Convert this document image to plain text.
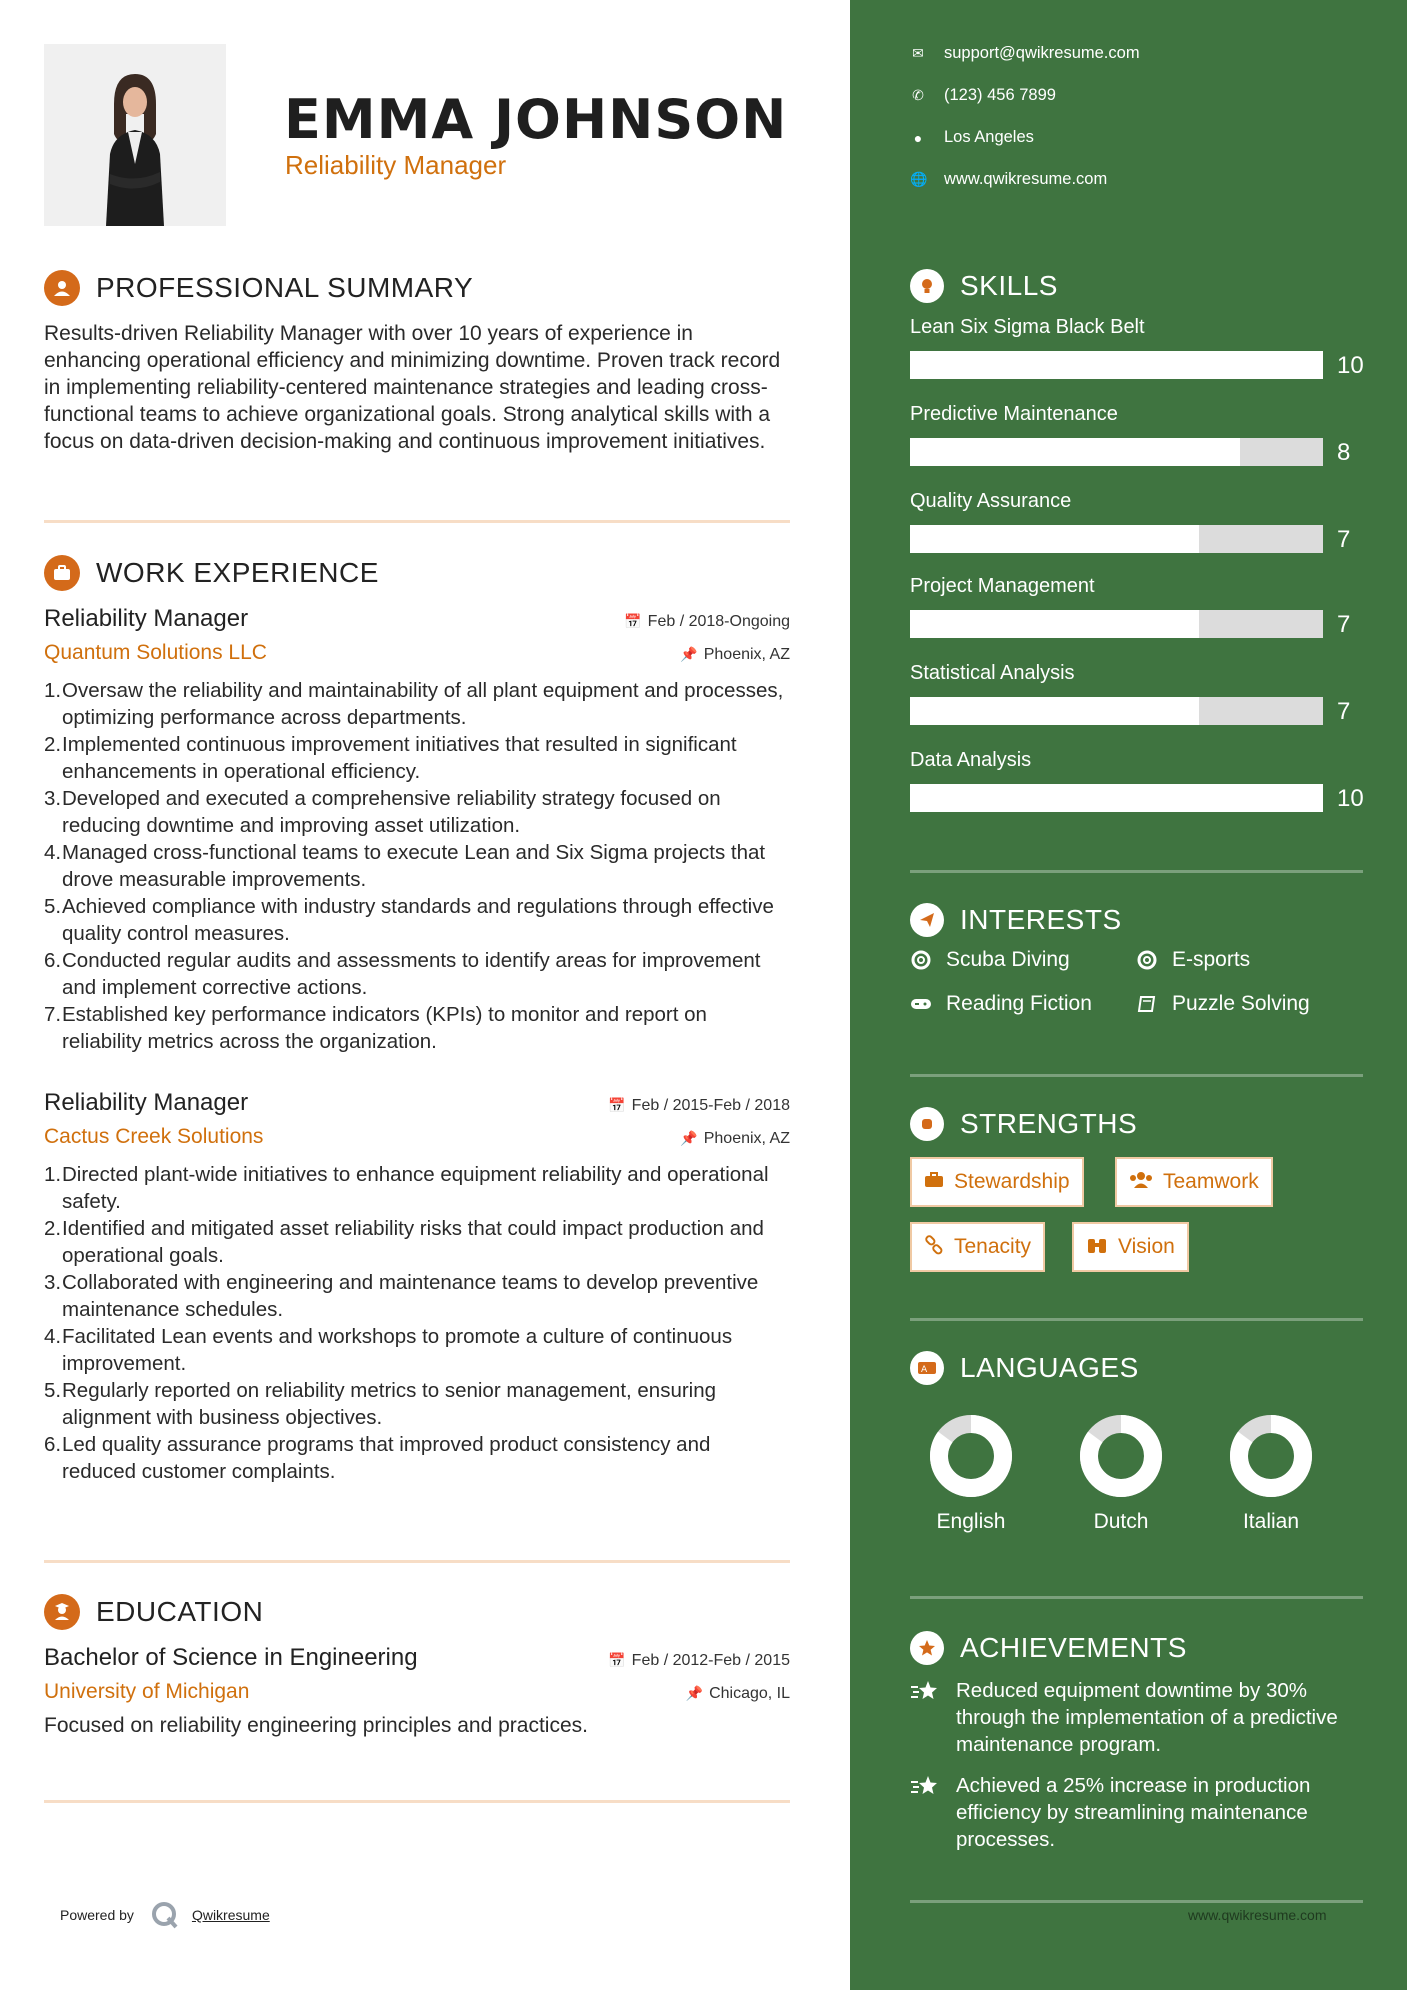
EMMA JOHNSON
Reliability Manager
PROFESSIONAL SUMMARY
Results-driven Reliability Manager with over 10 years of experience in enhancing operational efficiency and minimizing downtime. Proven track record in implementing reliability-centered maintenance strategies and leading cross-functional teams to achieve organizational goals. Strong analytical skills with a focus on data-driven decision-making and continuous improvement initiatives.
WORK EXPERIENCE
Reliability Manager	📅 Feb / 2018-Ongoing
Quantum Solutions LLC	📌 Phoenix, AZ
1. Oversaw the reliability and maintainability of all plant equipment and processes, optimizing performance across departments.
2. Implemented continuous improvement initiatives that resulted in significant enhancements in operational efficiency.
3. Developed and executed a comprehensive reliability strategy focused on reducing downtime and improving asset utilization.
4. Managed cross-functional teams to execute Lean and Six Sigma projects that drove measurable improvements.
5. Achieved compliance with industry standards and regulations through effective quality control measures.
6. Conducted regular audits and assessments to identify areas for improvement and implement corrective actions.
7. Established key performance indicators (KPIs) to monitor and report on reliability metrics across the organization.
Reliability Manager	📅 Feb / 2015-Feb / 2018
Cactus Creek Solutions	📌 Phoenix, AZ
1. Directed plant-wide initiatives to enhance equipment reliability and operational safety.
2. Identified and mitigated asset reliability risks that could impact production and operational goals.
3. Collaborated with engineering and maintenance teams to develop preventive maintenance schedules.
4. Facilitated Lean events and workshops to promote a culture of continuous improvement.
5. Regularly reported on reliability metrics to senior management, ensuring alignment with business objectives.
6. Led quality assurance programs that improved product consistency and reduced customer complaints.
EDUCATION
Bachelor of Science in Engineering	📅 Feb / 2012-Feb / 2015
University of Michigan	📌 Chicago, IL
Focused on reliability engineering principles and practices.
Powered by	Qwikresume
✉ support@qwikresume.com
✆ (123) 456 7899
● Los Angeles
🌐 www.qwikresume.com
SKILLS
Lean Six Sigma Black Belt
10
Predictive Maintenance
8
Quality Assurance
7
Project Management
7
Statistical Analysis
7
Data Analysis
10
INTERESTS
Scuba Diving	E-sports
Reading Fiction	Puzzle Solving
STRENGTHS
Stewardship	Teamwork
Tenacity	Vision
A LANGUAGES
English	Dutch	Italian
ACHIEVEMENTS
Reduced equipment downtime by 30% through the implementation of a predictive maintenance program.
Achieved a 25% increase in production efficiency by streamlining maintenance processes.
www.qwikresume.com
